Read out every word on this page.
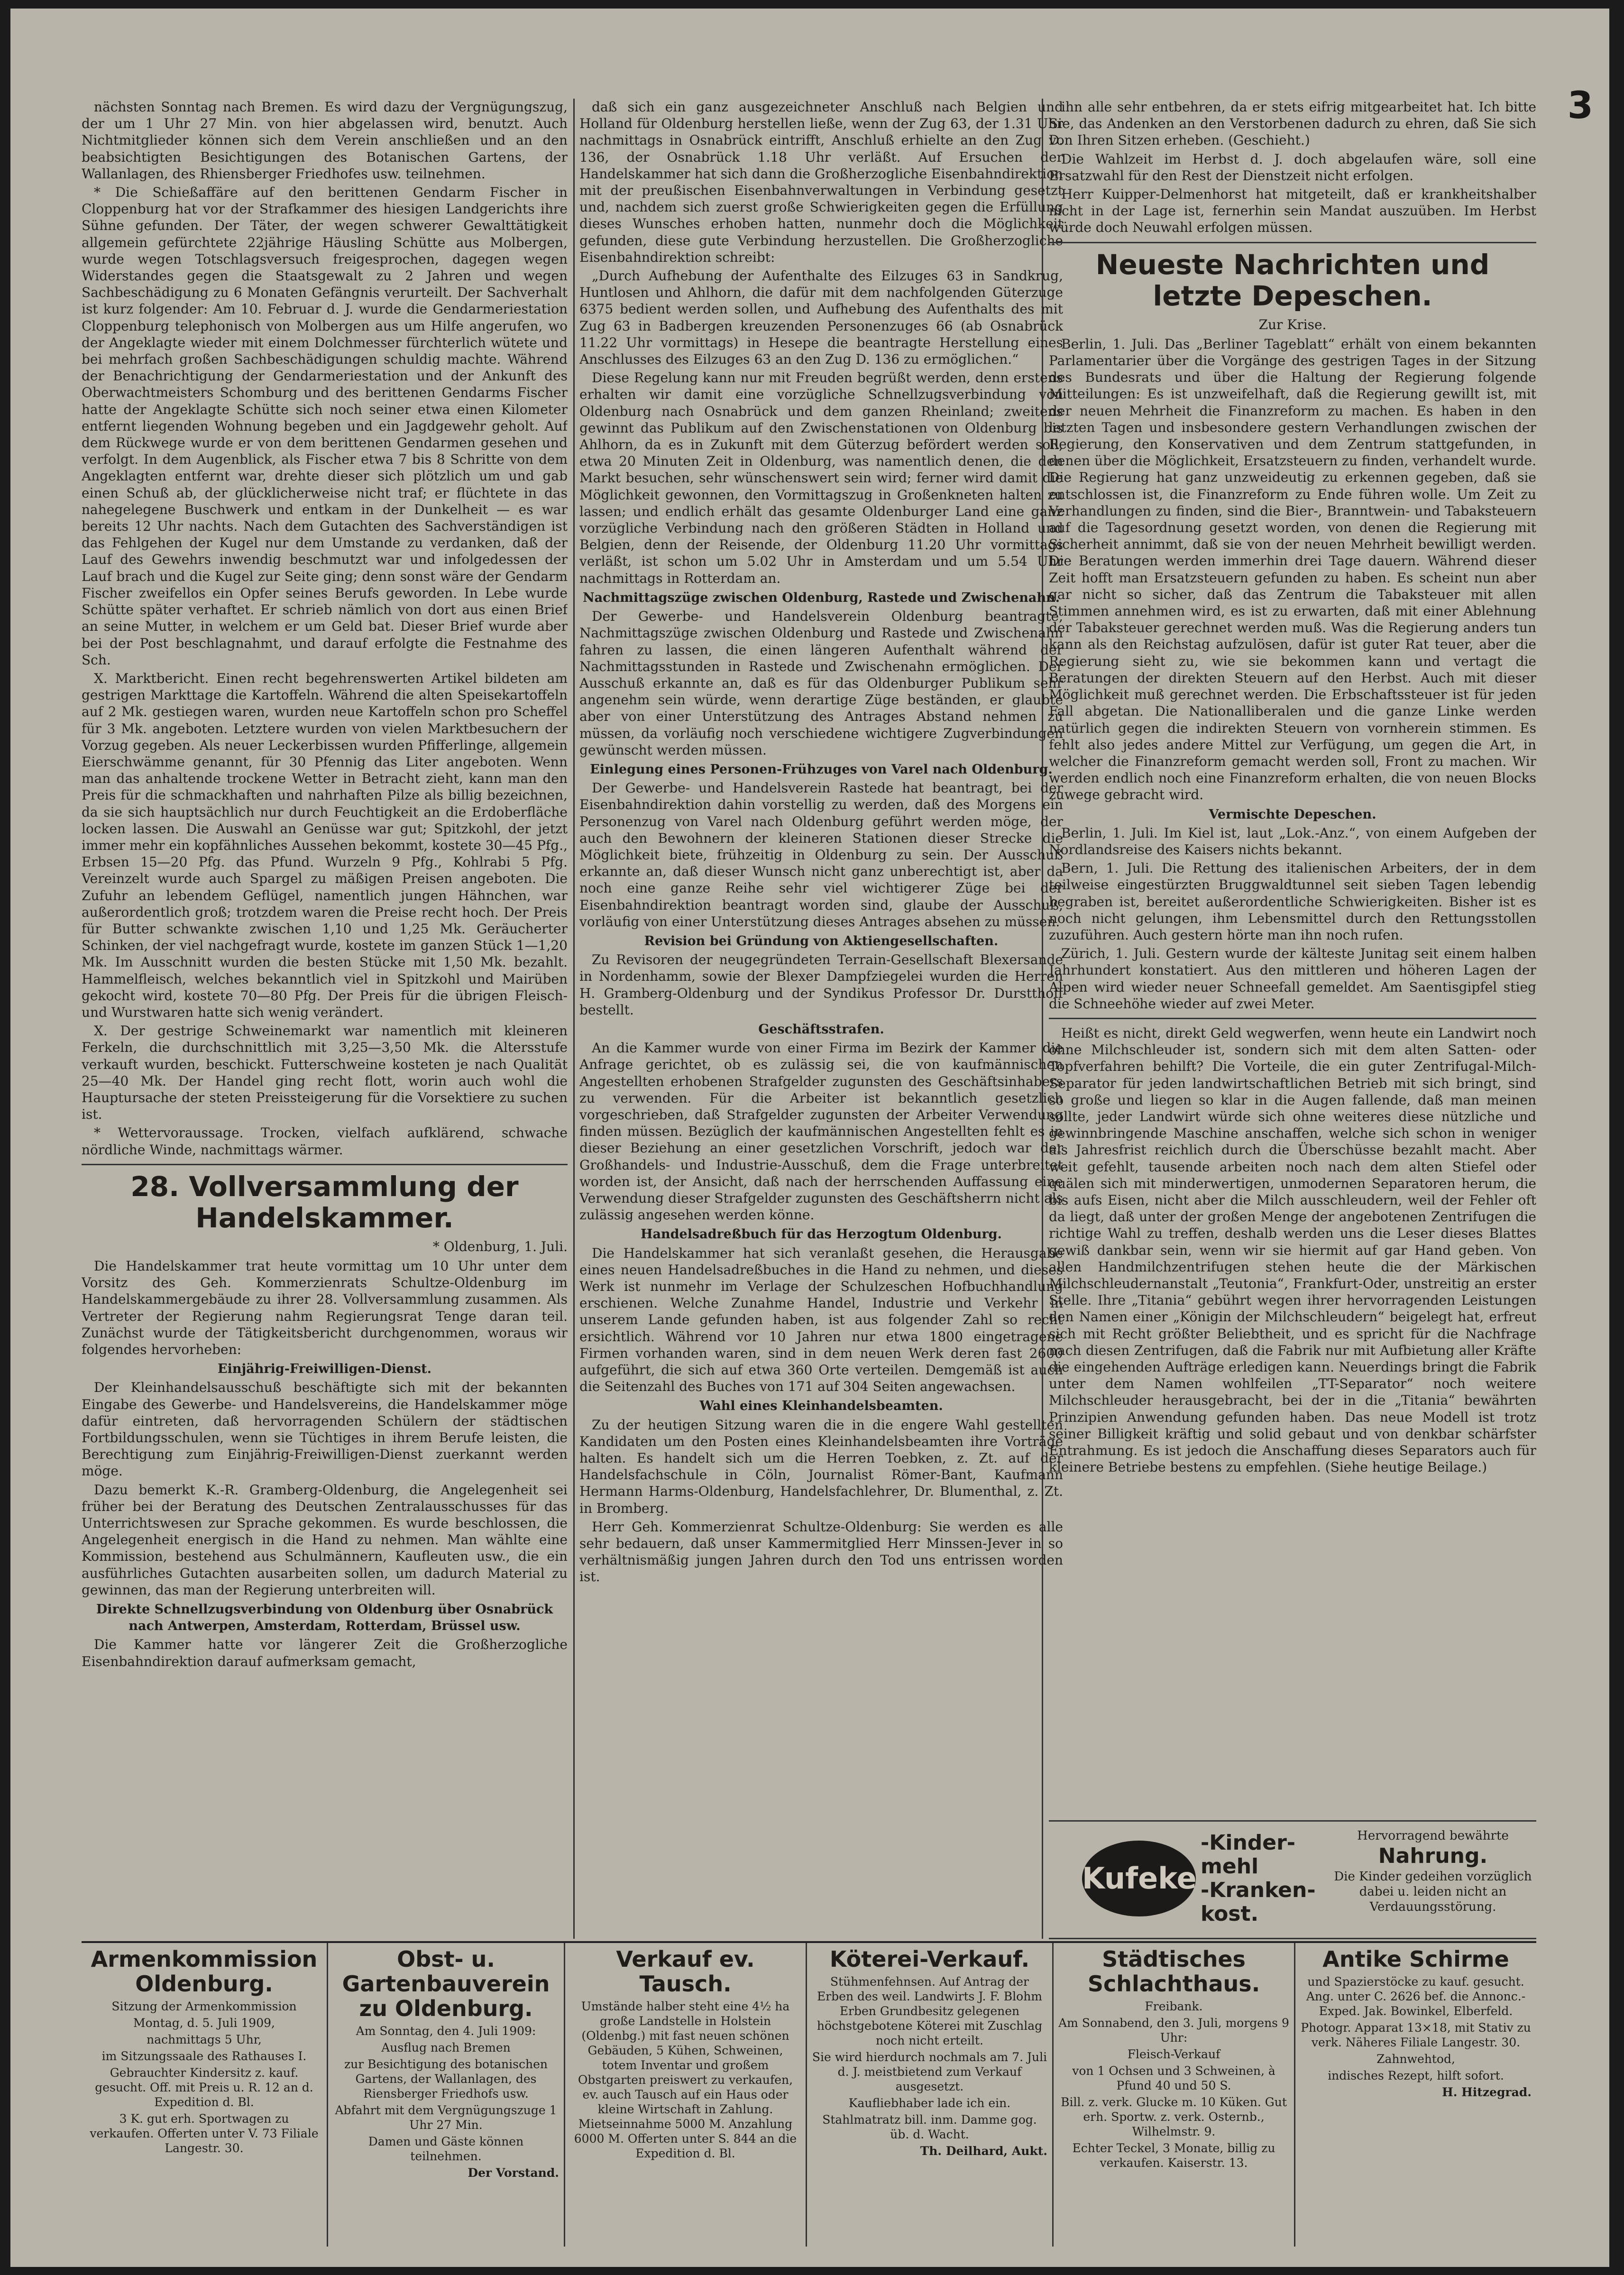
3

nächsten Sonntag nach Bremen. Es wird dazu der Vergnügungszug, der um 1 Uhr 27 Min. von hier abgelassen wird, benutzt. Auch Nichtmitglieder können sich dem Verein anschließen und an den beabsichtigten Besichtigungen des Botanischen Gartens, der Wallanlagen, des Rhiensberger Friedhofes usw. teilnehmen.

* Die Schießaffäre auf den berittenen Gendarm Fischer in Cloppenburg hat vor der Strafkammer des hiesigen Landgerichts ihre Sühne gefunden. Der Täter, der wegen schwerer Gewalttätigkeit allgemein gefürchtete 22jährige Häusling Schütte aus Molbergen, wurde wegen Totschlagsversuch freigesprochen, dagegen wegen Widerstandes gegen die Staatsgewalt zu 2 Jahren und wegen Sachbeschädigung zu 6 Monaten Gefängnis verurteilt. Der Sachverhalt ist kurz folgender: Am 10. Februar d. J. wurde die Gendarmeriestation Cloppenburg telephonisch von Molbergen aus um Hilfe angerufen, wo der Angeklagte wieder mit einem Dolchmesser fürchterlich wütete und bei mehrfach großen Sachbeschädigungen schuldig machte. Während der Benachrichtigung der Gendarmeriestation und der Ankunft des Oberwachtmeisters Schomburg und des berittenen Gendarms Fischer hatte der Angeklagte Schütte sich noch seiner etwa einen Kilometer entfernt liegenden Wohnung begeben und ein Jagdgewehr geholt. Auf dem Rückwege wurde er von dem berittenen Gendarmen gesehen und verfolgt. In dem Augenblick, als Fischer etwa 7 bis 8 Schritte von dem Angeklagten entfernt war, drehte dieser sich plötzlich um und gab einen Schuß ab, der glücklicherweise nicht traf; er flüchtete in das nahegelegene Buschwerk und entkam in der Dunkelheit — es war bereits 12 Uhr nachts. Nach dem Gutachten des Sachverständigen ist das Fehlgehen der Kugel nur dem Umstande zu verdanken, daß der Lauf des Gewehrs inwendig beschmutzt war und infolgedessen der Lauf brach und die Kugel zur Seite ging; denn sonst wäre der Gendarm Fischer zweifellos ein Opfer seines Berufs geworden. In Lebe wurde Schütte später verhaftet. Er schrieb nämlich von dort aus einen Brief an seine Mutter, in welchem er um Geld bat. Dieser Brief wurde aber bei der Post beschlagnahmt, und darauf erfolgte die Festnahme des Sch.

X. Marktbericht. Einen recht begehrenswerten Artikel bildeten am gestrigen Markttage die Kartoffeln. Während die alten Speisekartoffeln auf 2 Mk. gestiegen waren, wurden neue Kartoffeln schon pro Scheffel für 3 Mk. angeboten. Letztere wurden von vielen Marktbesuchern der Vorzug gegeben. Als neuer Leckerbissen wurden Pfifferlinge, allgemein Eierschwämme genannt, für 30 Pfennig das Liter angeboten. Wenn man das anhaltende trockene Wetter in Betracht zieht, kann man den Preis für die schmackhaften und nahrhaften Pilze als billig bezeichnen, da sie sich hauptsächlich nur durch Feuchtigkeit an die Erdoberfläche locken lassen. Die Auswahl an Genüsse war gut; Spitzkohl, der jetzt immer mehr ein kopfähnliches Aussehen bekommt, kostete 30—45 Pfg., Erbsen 15—20 Pfg. das Pfund. Wurzeln 9 Pfg., Kohlrabi 5 Pfg. Vereinzelt wurde auch Spargel zu mäßigen Preisen angeboten. Die Zufuhr an lebendem Geflügel, namentlich jungen Hähnchen, war außerordentlich groß; trotzdem waren die Preise recht hoch. Der Preis für Butter schwankte zwischen 1,10 und 1,25 Mk. Geräucherter Schinken, der viel nachgefragt wurde, kostete im ganzen Stück 1—1,20 Mk. Im Ausschnitt wurden die besten Stücke mit 1,50 Mk. bezahlt. Hammelfleisch, welches bekanntlich viel in Spitzkohl und Mairüben gekocht wird, kostete 70—80 Pfg. Der Preis für die übrigen Fleisch- und Wurstwaren hatte sich wenig verändert.

X. Der gestrige Schweinemarkt war namentlich mit kleineren Ferkeln, die durchschnittlich mit 3,25—3,50 Mk. die Altersstufe verkauft wurden, beschickt. Futterschweine kosteten je nach Qualität 25—40 Mk. Der Handel ging recht flott, worin auch wohl die Hauptursache der steten Preissteigerung für die Vorsektiere zu suchen ist.

* Wettervoraussage. Trocken, vielfach aufklärend, schwache nördliche Winde, nachmittags wärmer.

28. Vollversammlung der Handelskammer.
* Oldenburg, 1. Juli.

Die Handelskammer trat heute vormittag um 10 Uhr unter dem Vorsitz des Geh. Kommerzienrats Schultze-Oldenburg im Handelskammergebäude zu ihrer 28. Vollversammlung zusammen. Als Vertreter der Regierung nahm Regierungsrat Tenge daran teil. Zunächst wurde der Tätigkeitsbericht durchgenommen, woraus wir folgendes hervorheben:

Einjährig-Freiwilligen-Dienst.

Der Kleinhandelsausschuß beschäftigte sich mit der bekannten Eingabe des Gewerbe- und Handelsvereins, die Handelskammer möge dafür eintreten, daß hervorragenden Schülern der städtischen Fortbildungsschulen, wenn sie Tüchtiges in ihrem Berufe leisten, die Berechtigung zum Einjährig-Freiwilligen-Dienst zuerkannt werden möge.

Dazu bemerkt K.-R. Gramberg-Oldenburg, die Angelegenheit sei früher bei der Beratung des Deutschen Zentralausschusses für das Unterrichtswesen zur Sprache gekommen. Es wurde beschlossen, die Angelegenheit energisch in die Hand zu nehmen. Man wählte eine Kommission, bestehend aus Schulmännern, Kaufleuten usw., die ein ausführliches Gutachten ausarbeiten sollen, um dadurch Material zu gewinnen, das man der Regierung unterbreiten will.

Direkte Schnellzugsverbindung von Oldenburg über Osnabrück nach Antwerpen, Amsterdam, Rotterdam, Brüssel usw.

Die Kammer hatte vor längerer Zeit die Großherzogliche Eisenbahndirektion darauf aufmerksam gemacht,

daß sich ein ganz ausgezeichneter Anschluß nach Belgien und Holland für Oldenburg herstellen ließe, wenn der Zug 63, der 1.31 Uhr nachmittags in Osnabrück eintrifft, Anschluß erhielte an den Zug D. 136, der Osnabrück 1.18 Uhr verläßt. Auf Ersuchen der Handelskammer hat sich dann die Großherzogliche Eisenbahndirektion mit der preußischen Eisenbahnverwaltungen in Verbindung gesetzt und, nachdem sich zuerst große Schwierigkeiten gegen die Erfüllung dieses Wunsches erhoben hatten, nunmehr doch die Möglichkeit gefunden, diese gute Verbindung herzustellen. Die Großherzogliche Eisenbahndirektion schreibt:

„Durch Aufhebung der Aufenthalte des Eilzuges 63 in Sandkrug, Huntlosen und Ahlhorn, die dafür mit dem nachfolgenden Güterzuge 6375 bedient werden sollen, und Aufhebung des Aufenthalts des mit Zug 63 in Badbergen kreuzenden Personenzuges 66 (ab Osnabrück 11.22 Uhr vormittags) in Hesepe die beantragte Herstellung eines Anschlusses des Eilzuges 63 an den Zug D. 136 zu ermöglichen.“

Diese Regelung kann nur mit Freuden begrüßt werden, denn erstens erhalten wir damit eine vorzügliche Schnellzugsverbindung von Oldenburg nach Osnabrück und dem ganzen Rheinland; zweitens gewinnt das Publikum auf den Zwischenstationen von Oldenburg bis Ahlhorn, da es in Zukunft mit dem Güterzug befördert werden soll, etwa 20 Minuten Zeit in Oldenburg, was namentlich denen, die den Markt besuchen, sehr wünschenswert sein wird; ferner wird damit die Möglichkeit gewonnen, den Vormittagszug in Großenkneten halten zu lassen; und endlich erhält das gesamte Oldenburger Land eine ganz vorzügliche Verbindung nach den größeren Städten in Holland und Belgien, denn der Reisende, der Oldenburg 11.20 Uhr vormittags verläßt, ist schon um 5.02 Uhr in Amsterdam und um 5.54 Uhr nachmittags in Rotterdam an.

Nachmittagszüge zwischen Oldenburg, Rastede und Zwischenahn.

Der Gewerbe- und Handelsverein Oldenburg beantragte, Nachmittagszüge zwischen Oldenburg und Rastede und Zwischenahn fahren zu lassen, die einen längeren Aufenthalt während der Nachmittagsstunden in Rastede und Zwischenahn ermöglichen. Der Ausschuß erkannte an, daß es für das Oldenburger Publikum sehr angenehm sein würde, wenn derartige Züge beständen, er glaubte aber von einer Unterstützung des Antrages Abstand nehmen zu müssen, da vorläufig noch verschiedene wichtigere Zugverbindungen gewünscht werden müssen.

Einlegung eines Personen-Frühzuges von Varel nach Oldenburg.

Der Gewerbe- und Handelsverein Rastede hat beantragt, bei der Eisenbahndirektion dahin vorstellig zu werden, daß des Morgens ein Personenzug von Varel nach Oldenburg geführt werden möge, der auch den Bewohnern der kleineren Stationen dieser Strecke die Möglichkeit biete, frühzeitig in Oldenburg zu sein. Der Ausschuß erkannte an, daß dieser Wunsch nicht ganz unberechtigt ist, aber da noch eine ganze Reihe sehr viel wichtigerer Züge bei der Eisenbahndirektion beantragt worden sind, glaube der Ausschuß, vorläufig von einer Unterstützung dieses Antrages absehen zu müssen.

Revision bei Gründung von Aktiengesellschaften.

Zu Revisoren der neugegründeten Terrain-Gesellschaft Blexersande in Nordenhamm, sowie der Blexer Dampfziegelei wurden die Herren H. Gramberg-Oldenburg und der Syndikus Professor Dr. Durstthoff bestellt.

Geschäftsstrafen.

An die Kammer wurde von einer Firma im Bezirk der Kammer die Anfrage gerichtet, ob es zulässig sei, die von kaufmännischen Angestellten erhobenen Strafgelder zugunsten des Geschäftsinhabers zu verwenden. Für die Arbeiter ist bekanntlich gesetzlich vorgeschrieben, daß Strafgelder zugunsten der Arbeiter Verwendung finden müssen. Bezüglich der kaufmännischen Angestellten fehlt es in dieser Beziehung an einer gesetzlichen Vorschrift, jedoch war der Großhandels- und Industrie-Ausschuß, dem die Frage unterbreitet worden ist, der Ansicht, daß nach der herrschenden Auffassung eine Verwendung dieser Strafgelder zugunsten des Geschäftsherrn nicht als zulässig angesehen werden könne.

Handelsadreßbuch für das Herzogtum Oldenburg.

Die Handelskammer hat sich veranlaßt gesehen, die Herausgabe eines neuen Handelsadreßbuches in die Hand zu nehmen, und dieses Werk ist nunmehr im Verlage der Schulzeschen Hofbuchhandlung erschienen. Welche Zunahme Handel, Industrie und Verkehr in unserem Lande gefunden haben, ist aus folgender Zahl so recht ersichtlich. Während vor 10 Jahren nur etwa 1800 eingetragene Firmen vorhanden waren, sind in dem neuen Werk deren fast 2600 aufgeführt, die sich auf etwa 360 Orte verteilen. Demgemäß ist auch die Seitenzahl des Buches von 171 auf 304 Seiten angewachsen.

Wahl eines Kleinhandelsbeamten.

Zu der heutigen Sitzung waren die in die engere Wahl gestellten Kandidaten um den Posten eines Kleinhandelsbeamten ihre Vorträge halten. Es handelt sich um die Herren Toebken, z. Zt. auf der Handelsfachschule in Cöln, Journalist Römer-Bant, Kaufmann Hermann Harms-Oldenburg, Handelsfachlehrer, Dr. Blumenthal, z. Zt. in Bromberg.

Herr Geh. Kommerzienrat Schultze-Oldenburg: Sie werden es alle sehr bedauern, daß unser Kammermitglied Herr Minssen-Jever in so verhältnismäßig jungen Jahren durch den Tod uns entrissen worden ist.

ihn alle sehr entbehren, da er stets eifrig mitgearbeitet hat. Ich bitte Sie, das Andenken an den Verstorbenen dadurch zu ehren, daß Sie sich von Ihren Sitzen erheben. (Geschieht.)

Die Wahlzeit im Herbst d. J. doch abgelaufen wäre, soll eine Ersatzwahl für den Rest der Dienstzeit nicht erfolgen.

Herr Kuipper-Delmenhorst hat mitgeteilt, daß er krankheitshalber nicht in der Lage ist, fernerhin sein Mandat auszuüben. Im Herbst würde doch Neuwahl erfolgen müssen.

Neueste Nachrichten und letzte Depeschen.
Zur Krise.

Berlin, 1. Juli. Das „Berliner Tageblatt“ erhält von einem bekannten Parlamentarier über die Vorgänge des gestrigen Tages in der Sitzung des Bundesrats und über die Haltung der Regierung folgende Mitteilungen: Es ist unzweifelhaft, daß die Regierung gewillt ist, mit der neuen Mehrheit die Finanzreform zu machen. Es haben in den letzten Tagen und insbesondere gestern Verhandlungen zwischen der Regierung, den Konservativen und dem Zentrum stattgefunden, in denen über die Möglichkeit, Ersatzsteuern zu finden, verhandelt wurde. Die Regierung hat ganz unzweideutig zu erkennen gegeben, daß sie entschlossen ist, die Finanzreform zu Ende führen wolle. Um Zeit zu Verhandlungen zu finden, sind die Bier-, Branntwein- und Tabaksteuern auf die Tagesordnung gesetzt worden, von denen die Regierung mit Sicherheit annimmt, daß sie von der neuen Mehrheit bewilligt werden. Die Beratungen werden immerhin drei Tage dauern. Während dieser Zeit hofft man Ersatzsteuern gefunden zu haben. Es scheint nun aber gar nicht so sicher, daß das Zentrum die Tabaksteuer mit allen Stimmen annehmen wird, es ist zu erwarten, daß mit einer Ablehnung der Tabaksteuer gerechnet werden muß. Was die Regierung anders tun kann als den Reichstag aufzulösen, dafür ist guter Rat teuer, aber die Regierung sieht zu, wie sie bekommen kann und vertagt die Beratungen der direkten Steuern auf den Herbst. Auch mit dieser Möglichkeit muß gerechnet werden. Die Erbschaftssteuer ist für jeden Fall abgetan. Die Nationalliberalen und die ganze Linke werden natürlich gegen die indirekten Steuern von vornherein stimmen. Es fehlt also jedes andere Mittel zur Verfügung, um gegen die Art, in welcher die Finanzreform gemacht werden soll, Front zu machen. Wir werden endlich noch eine Finanzreform erhalten, die von neuen Blocks zuwege gebracht wird.

Vermischte Depeschen.

Berlin, 1. Juli. Im Kiel ist, laut „Lok.-Anz.“, von einem Aufgeben der Nordlandsreise des Kaisers nichts bekannt.

Bern, 1. Juli. Die Rettung des italienischen Arbeiters, der in dem teilweise eingestürzten Bruggwaldtunnel seit sieben Tagen lebendig begraben ist, bereitet außerordentliche Schwierigkeiten. Bisher ist es noch nicht gelungen, ihm Lebensmittel durch den Rettungsstollen zuzuführen. Auch gestern hörte man ihn noch rufen.

Zürich, 1. Juli. Gestern wurde der kälteste Junitag seit einem halben Jahrhundert konstatiert. Aus den mittleren und höheren Lagen der Alpen wird wieder neuer Schneefall gemeldet. Am Saentisgipfel stieg die Schneehöhe wieder auf zwei Meter.

Heißt es nicht, direkt Geld wegwerfen, wenn heute ein Landwirt noch ohne Milchschleuder ist, sondern sich mit dem alten Satten- oder Topfverfahren behilft? Die Vorteile, die ein guter Zentrifugal-Milch-Separator für jeden landwirtschaftlichen Betrieb mit sich bringt, sind so große und liegen so klar in die Augen fallende, daß man meinen sollte, jeder Landwirt würde sich ohne weiteres diese nützliche und gewinnbringende Maschine anschaffen, welche sich schon in weniger als Jahresfrist reichlich durch die Überschüsse bezahlt macht. Aber weit gefehlt, tausende arbeiten noch nach dem alten Stiefel oder quälen sich mit minderwertigen, unmodernen Separatoren herum, die bis aufs Eisen, nicht aber die Milch ausschleudern, weil der Fehler oft da liegt, daß unter der großen Menge der angebotenen Zentrifugen die richtige Wahl zu treffen, deshalb werden uns die Leser dieses Blattes gewiß dankbar sein, wenn wir sie hiermit auf gar Hand geben. Von allen Handmilchzentrifugen stehen heute die der Märkischen Milchschleudernanstalt „Teutonia“, Frankfurt-Oder, unstreitig an erster Stelle. Ihre „Titania“ gebührt wegen ihrer hervorragenden Leistungen den Namen einer „Königin der Milchschleudern“ beigelegt hat, erfreut sich mit Recht größter Beliebtheit, und es spricht für die Nachfrage nach diesen Zentrifugen, daß die Fabrik nur mit Aufbietung aller Kräfte die eingehenden Aufträge erledigen kann. Neuerdings bringt die Fabrik unter dem Namen wohlfeilen „TT-Separator“ noch weitere Milchschleuder herausgebracht, bei der in die „Titania“ bewährten Prinzipien Anwendung gefunden haben. Das neue Modell ist trotz seiner Billigkeit kräftig und solid gebaut und von denkbar schärfster Entrahmung. Es ist jedoch die Anschaffung dieses Separators auch für kleinere Betriebe bestens zu empfehlen. (Siehe heutige Beilage.)

Kufeke
-Kinder-
mehl
-Kranken-
kost.
Hervorragend bewährte
Nahrung.
Die Kinder gedeihen vorzüglich dabei u. leiden nicht an Verdauungsstörung.
Armenkommission Oldenburg.

Sitzung der Armenkommission

Montag, d. 5. Juli 1909,

nachmittags 5 Uhr,

im Sitzungssaale des Rathauses I.

Gebrauchter Kindersitz z. kauf. gesucht. Off. mit Preis u. R. 12 an d. Expedition d. Bl.

3 K. gut erh. Sportwagen zu verkaufen. Offerten unter V. 73 Filiale Langestr. 30.

Obst- u. Gartenbauverein zu Oldenburg.

Am Sonntag, den 4. Juli 1909:

Ausflug nach Bremen

zur Besichtigung des botanischen Gartens, der Wallanlagen, des Riensberger Friedhofs usw.

Abfahrt mit dem Vergnügungszuge 1 Uhr 27 Min.

Damen und Gäste können teilnehmen.

Der Vorstand.

Verkauf ev. Tausch.

Umstände halber steht eine 4½ ha große Landstelle in Holstein (Oldenbg.) mit fast neuen schönen Gebäuden, 5 Kühen, Schweinen, totem Inventar und großem Obstgarten preiswert zu verkaufen, ev. auch Tausch auf ein Haus oder kleine Wirtschaft in Zahlung. Mietseinnahme 5000 M. Anzahlung 6000 M. Offerten unter S. 844 an die Expedition d. Bl.

Köterei-Verkauf.

Stühmenfehnsen. Auf Antrag der Erben des weil. Landwirts J. F. Blohm Erben Grundbesitz gelegenen höchstgebotene Köterei mit Zuschlag noch nicht erteilt.

Sie wird hierdurch nochmals am 7. Juli d. J. meistbietend zum Verkauf ausgesetzt.

Kaufliebhaber lade ich ein.

Stahlmatratz bill. inm. Damme gog. üb. d. Wacht.

Th. Deilhard, Aukt.

Städtisches Schlachthaus.

Freibank.

Am Sonnabend, den 3. Juli, morgens 9 Uhr:

Fleisch-Verkauf

von 1 Ochsen und 3 Schweinen, à Pfund 40 und 50 S.

Bill. z. verk. Glucke m. 10 Küken. Gut erh. Sportw. z. verk. Osternb., Wilhelmstr. 9.

Echter Teckel, 3 Monate, billig zu verkaufen. Kaiserstr. 13.

Antike Schirme

und Spazierstöcke zu kauf. gesucht. Ang. unter C. 2626 bef. die Annonc.-Exped. Jak. Bowinkel, Elberfeld.

Photogr. Apparat 13×18, mit Stativ zu verk. Näheres Filiale Langestr. 30.

Zahnwehtod,

indisches Rezept, hilft sofort.

H. Hitzegrad.
